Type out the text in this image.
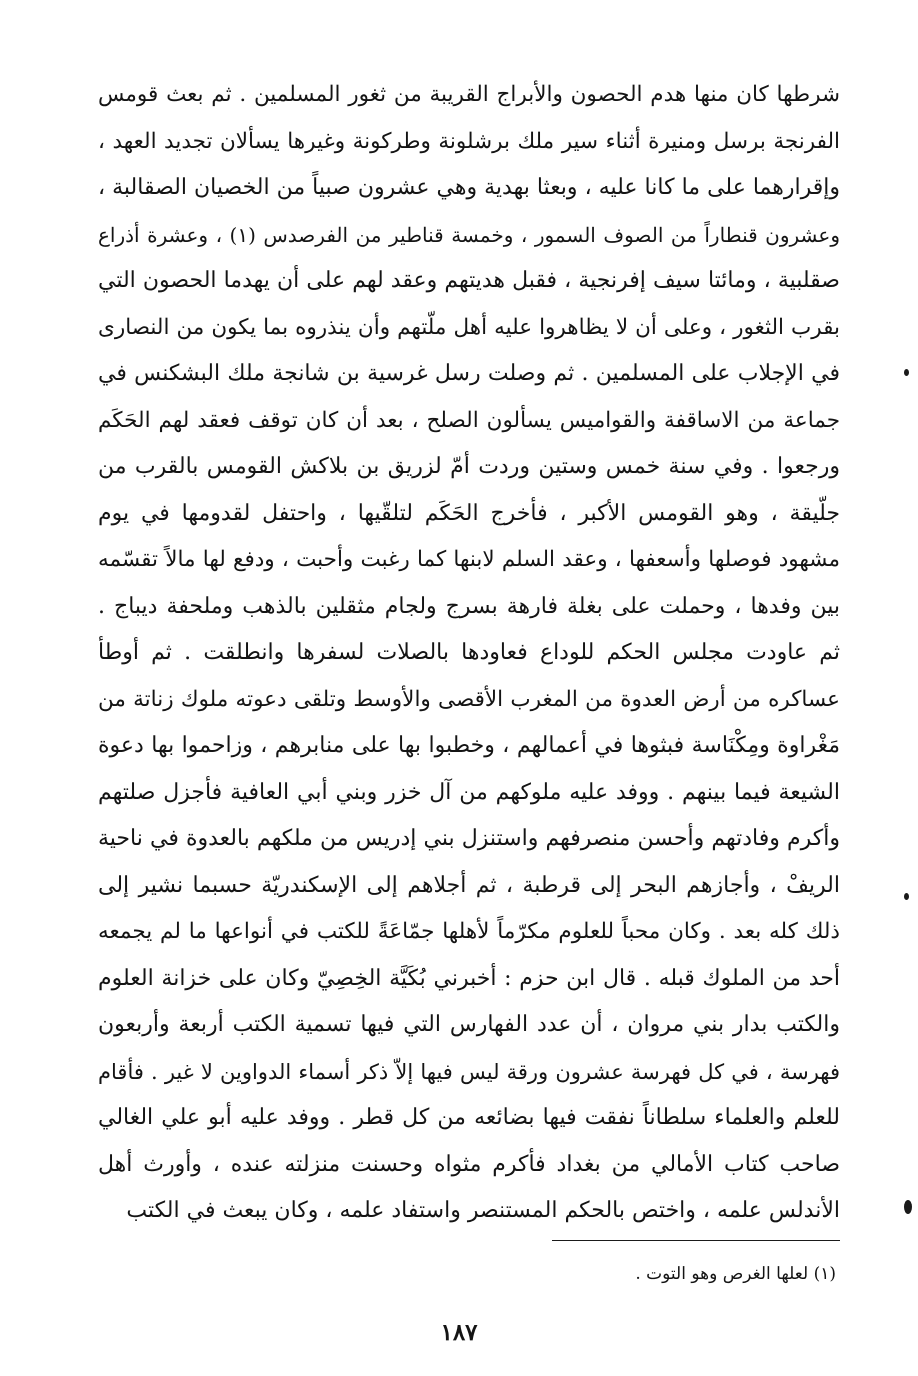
شرطها كان منها هدم الحصون والأبراج القريبة من ثغور المسلمين . ثم بعث قومس
الفرنجة برسل ومنيرة أثناء سير ملك برشلونة وطركونة وغيرها يسألان تجديد العهد ،
وإقرارهما على ما كانا عليه ، وبعثا بهدية وهي عشرون صبياً من الخصيان الصقالبة ،
وعشرون قنطاراً من الصوف السمور ، وخمسة قناطير من الفرصدس (١) ، وعشرة أذراع
صقلبية ، ومائتا سيف إفرنجية ، فقبل هديتهم وعقد لهم على أن يهدما الحصون التي
بقرب الثغور ، وعلى أن لا يظاهروا عليه أهل ملّتهم وأن ينذروه بما يكون من النصارى
في الإجلاب على المسلمين . ثم وصلت رسل غرسية بن شانجة ملك البشكنس في
جماعة من الاساقفة والقواميس يسألون الصلح ، بعد أن كان توقف فعقد لهم الحَكَم
ورجعوا . وفي سنة خمس وستين وردت أمّ لزريق بن بلاكش القومس بالقرب من
جلّيقة ، وهو القومس الأكبر ، فأخرج الحَكَم لتلقّيها ، واحتفل لقدومها في يوم
مشهود فوصلها وأسعفها ، وعقد السلم لابنها كما رغبت وأحبت ، ودفع لها مالاً تقسّمه
بين وفدها ، وحملت على بغلة فارهة بسرج ولجام مثقلين بالذهب وملحفة ديباج .
ثم عاودت مجلس الحكم للوداع فعاودها بالصلات لسفرها وانطلقت . ثم أوطأ
عساكره من أرض العدوة من المغرب الأقصى والأوسط وتلقى دعوته ملوك زناتة من
مَغْراوة ومِكْنَاسة فبثوها في أعمالهم ، وخطبوا بها على منابرهم ، وزاحموا بها دعوة
الشيعة فيما بينهم . ووفد عليه ملوكهم من آل خزر وبني أبي العافية فأجزل صلتهم
وأكرم وفادتهم وأحسن منصرفهم واستنزل بني إدريس من ملكهم بالعدوة في ناحية
الريفْ ، وأجازهم البحر إلى قرطبة ، ثم أجلاهم إلى الإسكندريّة حسبما نشير إلى
ذلك كله بعد . وكان محباً للعلوم مكرّماً لأهلها جمّاعَةً للكتب في أنواعها ما لم يجمعه
أحد من الملوك قبله . قال ابن حزم : أخبرني بُكَيَّة الخِصِيّ وكان على خزانة العلوم
والكتب بدار بني مروان ، أن عدد الفهارس التي فيها تسمية الكتب أربعة وأربعون
فهرسة ، في كل فهرسة عشرون ورقة ليس فيها إلاّ ذكر أسماء الدواوين لا غير . فأقام
للعلم والعلماء سلطاناً نفقت فيها بضائعه من كل قطر . ووفد عليه أبو علي الغالي
صاحب كتاب الأمالي من بغداد فأكرم مثواه وحسنت منزلته عنده ، وأورث أهل
الأندلس علمه ، واختص بالحكم المستنصر واستفاد علمه ، وكان يبعث في الكتب
(١) لعلها الغرص وهو التوت .
١٨٧
